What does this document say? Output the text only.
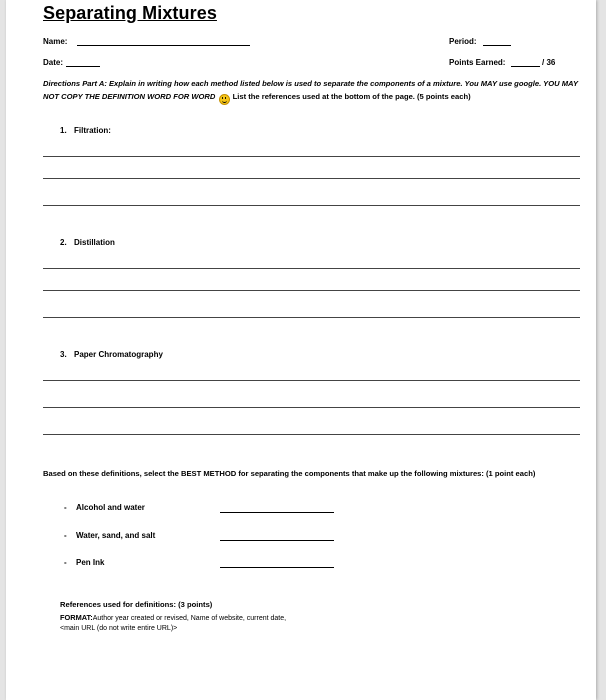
Separating Mixtures
Name:	Period:
Date:	Points Earned:	/ 36
Directions Part A: Explain in writing how each method listed below is used to separate the components of a mixture. You MAY use google. YOU MAY NOT COPY THE DEFINITION WORD FOR WORD  List the references used at the bottom of the page. (5 points each)
1. Filtration:
2. Distillation
3. Paper Chromatography
Based on these definitions, select the BEST METHOD for separating the components that make up the following mixtures: (1 point each)
- Alcohol and water
- Water, sand, and salt
- Pen Ink
References used for definitions: (3 points)
FORMAT:Author year created or revised, Name of website, current date,
<main URL (do not write entire URL)>
